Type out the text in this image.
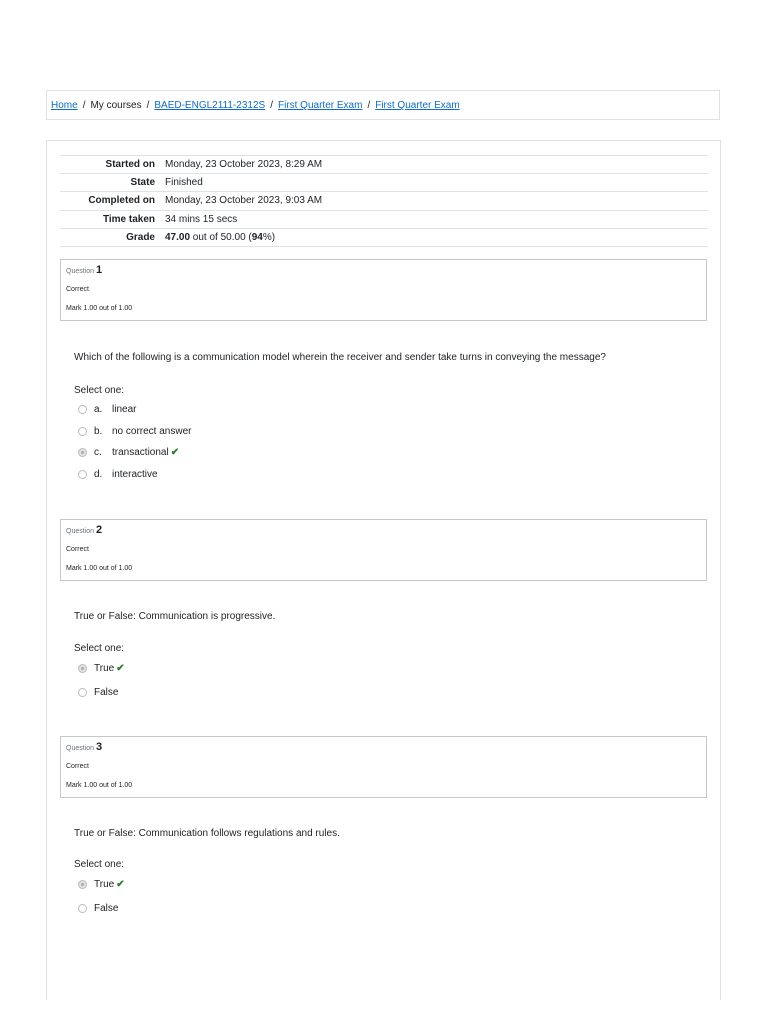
Home / My courses / BAED-ENGL2111-2312S / First Quarter Exam / First Quarter Exam
Started on	Monday, 23 October 2023, 8:29 AM
State	Finished
Completed on	Monday, 23 October 2023, 9:03 AM
Time taken	34 mins 15 secs
Grade	47.00 out of 50.00 (94%)
Question 1
Correct
Mark 1.00 out of 1.00
Which of the following is a communication model wherein the receiver and sender take turns in conveying the message?
Select one:
a. linear
b. no correct answer
c.	transactional ✔
d. interactive
Question 2
Correct
Mark 1.00 out of 1.00
True or False: Communication is progressive.
Select one:
True ✔
False
Question 3
Correct
Mark 1.00 out of 1.00
True or False: Communication follows regulations and rules.
Select one:
True ✔
False
